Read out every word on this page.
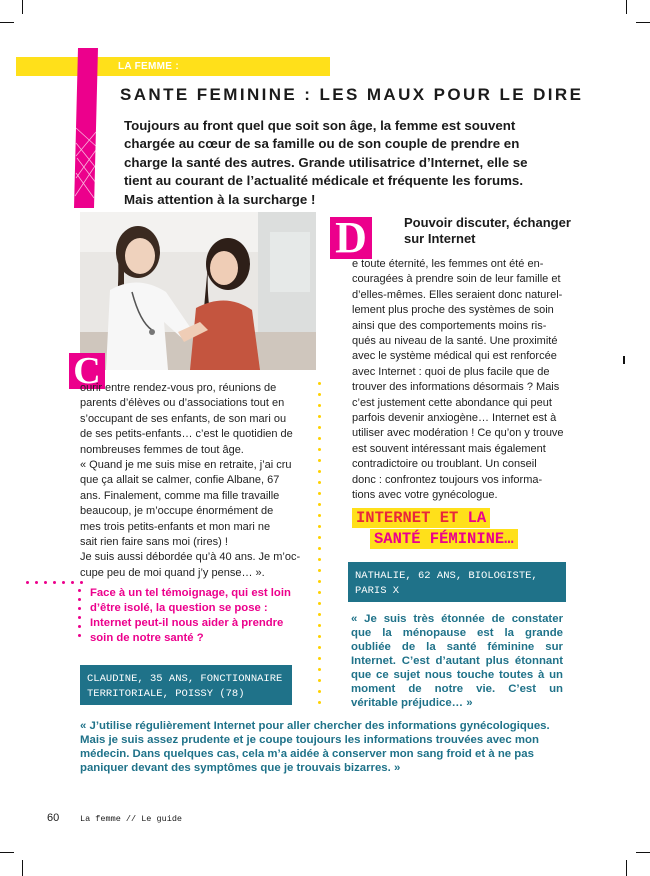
LA FEMME :
SANTE FEMININE : LES MAUX POUR LE DIRE
Toujours au front quel que soit son âge, la femme est souvent chargée au cœur de sa famille ou de son couple de prendre en charge la santé des autres. Grande utilisatrice d’Internet, elle se tient au courant de l’actualité médicale et fréquente les forums. Mais attention à la surcharge !
C
ourir entre rendez-vous pro, réunions de
parents d’élèves ou d’associations tout en
s’occupant de ses enfants, de son mari ou
de ses petits-enfants… c’est le quotidien de
nombreuses femmes de tout âge.
« Quand je me suis mise en retraite, j’ai cru
que ça allait se calmer, confie Albane, 67
ans. Finalement, comme ma fille travaille
beaucoup, je m’occupe énormément de
mes trois petits-enfants et mon mari ne
sait rien faire sans moi (rires) !
Je suis aussi débordée qu’à 40 ans. Je m’oc-
cupe peu de moi quand j’y pense… ».
Face à un tel témoignage, qui est loin d’être isolé, la question se pose : Internet peut-il nous aider à prendre soin de notre santé ?
CLAUDINE, 35 ANS, FONCTIONNAIRE
TERRITORIALE, POISSY (78)
D	Pouvoir discuter, échanger sur Internet
e toute éternité, les femmes ont été en-
couragées à prendre soin de leur famille et
d’elles-mêmes. Elles seraient donc naturel-
lement plus proche des systèmes de soin
ainsi que des comportements moins ris-
qués au niveau de la santé. Une proximité
avec le système médical qui est renforcée
avec Internet : quoi de plus facile que de
trouver des informations désormais ? Mais
c’est justement cette abondance qui peut
parfois devenir anxiogène… Internet est à
utiliser avec modération ! Ce qu’on y trouve
est souvent intéressant mais également
contradictoire ou troublant. Un conseil
donc : confrontez toujours vos informa-
tions avec votre gynécologue.
INTERNET ET LA
SANTÉ FÉMININE…
NATHALIE, 62 ANS, BIOLOGISTE,
PARIS X
« Je suis très étonnée de constater que la ménopause est la grande oubliée de la santé féminine sur Internet. C’est d’autant plus étonnant que ce sujet nous touche toutes à un moment de notre vie. C’est un véritable préjudice… »
« J’utilise régulièrement Internet pour aller chercher des informations gynécologiques. Mais je suis assez prudente et je coupe toujours les informations trouvées avec mon médecin. Dans quelques cas, cela m’a aidée à conserver mon sang froid et à ne pas paniquer devant des symptômes que je trouvais bizarres. »
60 La femme // Le guide
